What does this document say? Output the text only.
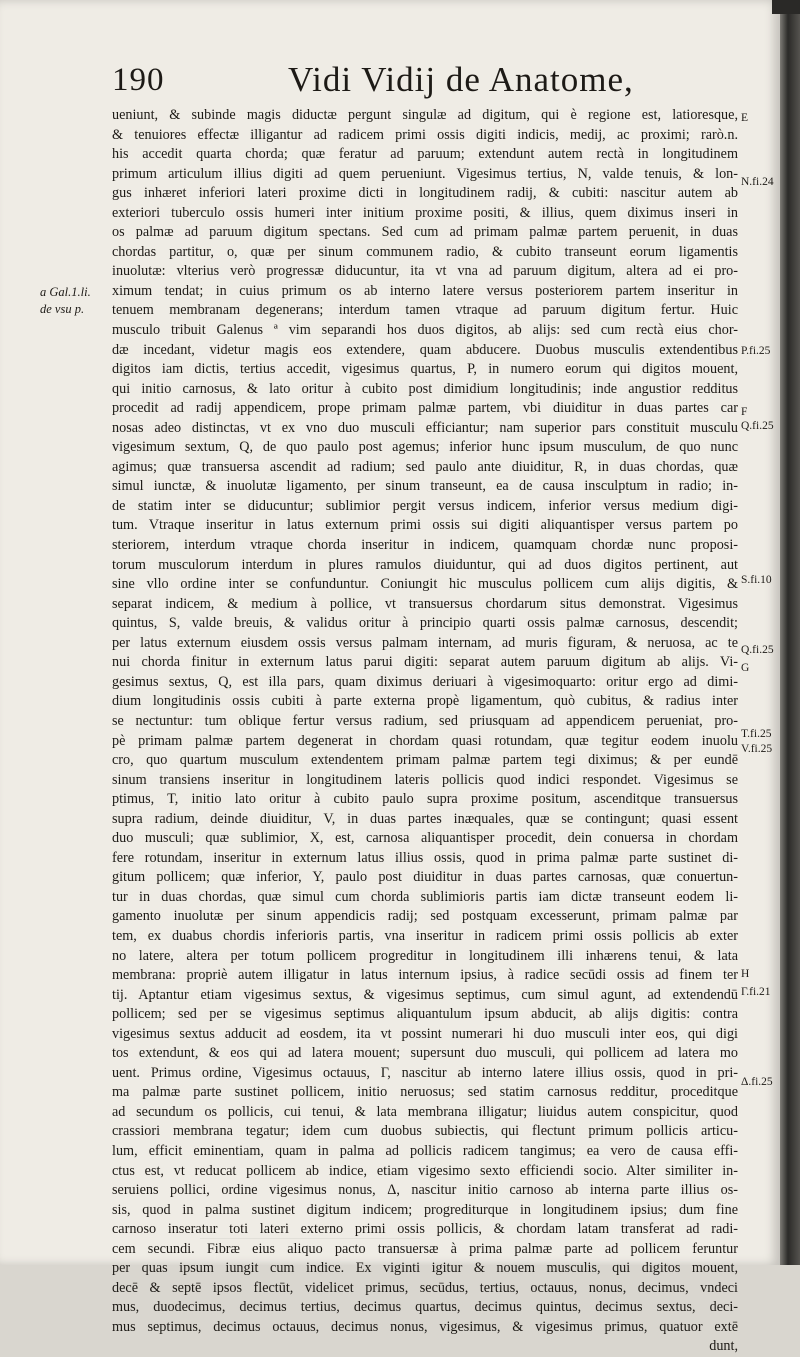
190	Vidi Vidij de Anatome,
a Gal.1.li.
de vsu p.
E
N.fi.24
P.fi.25
F
Q.fi.25
S.fi.10
Q.fi.25
G
T.fi.25
V.fi.25
H
Γ.fi.21
Δ.fi.25
ueniunt, & subinde magis diductæ pergunt singulæ ad digitum, qui è regione est, latioresque,
& tenuiores effectæ illigantur ad radicem primi ossis digiti indicis, medij, ac proximi; rarò.n.
his accedit quarta chorda; quæ feratur ad paruum; extendunt autem rectà in longitudinem
primum articulum illius digiti ad quem perueniunt. Vigesimus tertius, N, valde tenuis, & lon-
gus inhæret inferiori lateri proxime dicti in longitudinem radij, & cubiti: nascitur autem ab
exteriori tuberculo ossis humeri inter initium proxime positi, & illius, quem diximus inseri in
os palmæ ad paruum digitum spectans. Sed cum ad primam palmæ partem peruenit, in duas
chordas partitur, o, quæ per sinum communem radio, & cubito transeunt eorum ligamentis
inuolutæ: vlterius verò progressæ diducuntur, ita vt vna ad paruum digitum, altera ad ei pro-
ximum tendat; in cuius primum os ab interno latere versus posteriorem partem inseritur in
tenuem membranam degenerans; interdum tamen vtraque ad paruum digitum fertur. Huic
musculo tribuit Galenus ª vim separandi hos duos digitos, ab alijs: sed cum rectà eius chor-
dæ incedant, videtur magis eos extendere, quam abducere. Duobus musculis extendentibus
digitos iam dictis, tertius accedit, vigesimus quartus, P, in numero eorum qui digitos mouent,
qui initio carnosus, & lato oritur à cubito post dimidium longitudinis; inde angustior redditus
procedit ad radij appendicem, prope primam palmæ partem, vbi diuiditur in duas partes car
nosas adeo distinctas, vt ex vno duo musculi efficiantur; nam superior pars constituit musculu
vigesimum sextum, Q, de quo paulo post agemus; inferior hunc ipsum musculum, de quo nunc
agimus; quæ transuersa ascendit ad radium; sed paulo ante diuiditur, R, in duas chordas, quæ
simul iunctæ, & inuolutæ ligamento, per sinum transeunt, ea de causa insculptum in radio; in-
de statim inter se diducuntur; sublimior pergit versus indicem, inferior versus medium digi-
tum. Vtraque inseritur in latus externum primi ossis sui digiti aliquantisper versus partem po
steriorem, interdum vtraque chorda inseritur in indicem, quamquam chordæ nunc proposi-
torum musculorum interdum in plures ramulos diuiduntur, qui ad duos digitos pertinent, aut
sine vllo ordine inter se confunduntur. Coniungit hic musculus pollicem cum alijs digitis, &
separat indicem, & medium à pollice, vt transuersus chordarum situs demonstrat. Vigesimus
quintus, S, valde breuis, & validus oritur à principio quarti ossis palmæ carnosus, descendit;
per latus externum eiusdem ossis versus palmam internam, ad muris figuram, & neruosa, ac te
nui chorda finitur in externum latus parui digiti: separat autem paruum digitum ab alijs. Vi-
gesimus sextus, Q, est illa pars, quam diximus deriuari à vigesimoquarto: oritur ergo ad dimi-
dium longitudinis ossis cubiti à parte externa propè ligamentum, quò cubitus, & radius inter
se nectuntur: tum oblique fertur versus radium, sed priusquam ad appendicem perueniat, pro-
pè primam palmæ partem degenerat in chordam quasi rotundam, quæ tegitur eodem inuolu
cro, quo quartum musculum extendentem primam palmæ partem tegi diximus; & per eundē
sinum transiens inseritur in longitudinem lateris pollicis quod indici respondet. Vigesimus se
ptimus, T, initio lato oritur à cubito paulo supra proxime positum, ascenditque transuersus
supra radium, deinde diuiditur, V, in duas partes inæquales, quæ se contingunt; quasi essent
duo musculi; quæ sublimior, X, est, carnosa aliquantisper procedit, dein conuersa in chordam
fere rotundam, inseritur in externum latus illius ossis, quod in prima palmæ parte sustinet di-
gitum pollicem; quæ inferior, Y, paulo post diuiditur in duas partes carnosas, quæ conuertun-
tur in duas chordas, quæ simul cum chorda sublimioris partis iam dictæ transeunt eodem li-
gamento inuolutæ per sinum appendicis radij; sed postquam excesserunt, primam palmæ par
tem, ex duabus chordis inferioris partis, vna inseritur in radicem primi ossis pollicis ab exter
no latere, altera per totum pollicem progreditur in longitudinem illi inhærens tenui, & lata
membrana: propriè autem illigatur in latus internum ipsius, à radice secūdi ossis ad finem ter
tij. Aptantur etiam vigesimus sextus, & vigesimus septimus, cum simul agunt, ad extendendū
pollicem; sed per se vigesimus septimus aliquantulum ipsum abducit, ab alijs digitis: contra
vigesimus sextus adducit ad eosdem, ita vt possint numerari hi duo musculi inter eos, qui digi
tos extendunt, & eos qui ad latera mouent; supersunt duo musculi, qui pollicem ad latera mo
uent. Primus ordine, Vigesimus octauus, Γ, nascitur ab interno latere illius ossis, quod in pri-
ma palmæ parte sustinet pollicem, initio neruosus; sed statim carnosus redditur, proceditque
ad secundum os pollicis, cui tenui, & lata membrana illigatur; liuidus autem conspicitur, quod
crassiori membrana tegatur; idem cum duobus subiectis, qui flectunt primum pollicis articu-
lum, efficit eminentiam, quam in palma ad pollicis radicem tangimus; ea vero de causa effi-
ctus est, vt reducat pollicem ab indice, etiam vigesimo sexto efficiendi socio. Alter similiter in-
seruiens pollici, ordine vigesimus nonus, Δ, nascitur initio carnoso ab interna parte illius os-
sis, quod in palma sustinet digitum indicem; progrediturque in longitudinem ipsius; dum fine
carnoso inseratur toti lateri externo primi ossis pollicis, & chordam latam transferat ad radi-
cem secundi. Fibræ eius aliquo pacto transuersæ à prima palmæ parte ad pollicem feruntur
per quas ipsum iungit cum indice. Ex viginti igitur & nouem musculis, qui digitos mouent,
decē & septē ipsos flectūt, videlicet primus, secūdus, tertius, octauus, nonus, decimus, vndeci
mus, duodecimus, decimus tertius, decimus quartus, decimus quintus, decimus sextus, deci-
mus septimus, decimus octauus, decimus nonus, vigesimus, & vigesimus primus, quatuor extē
dunt,
